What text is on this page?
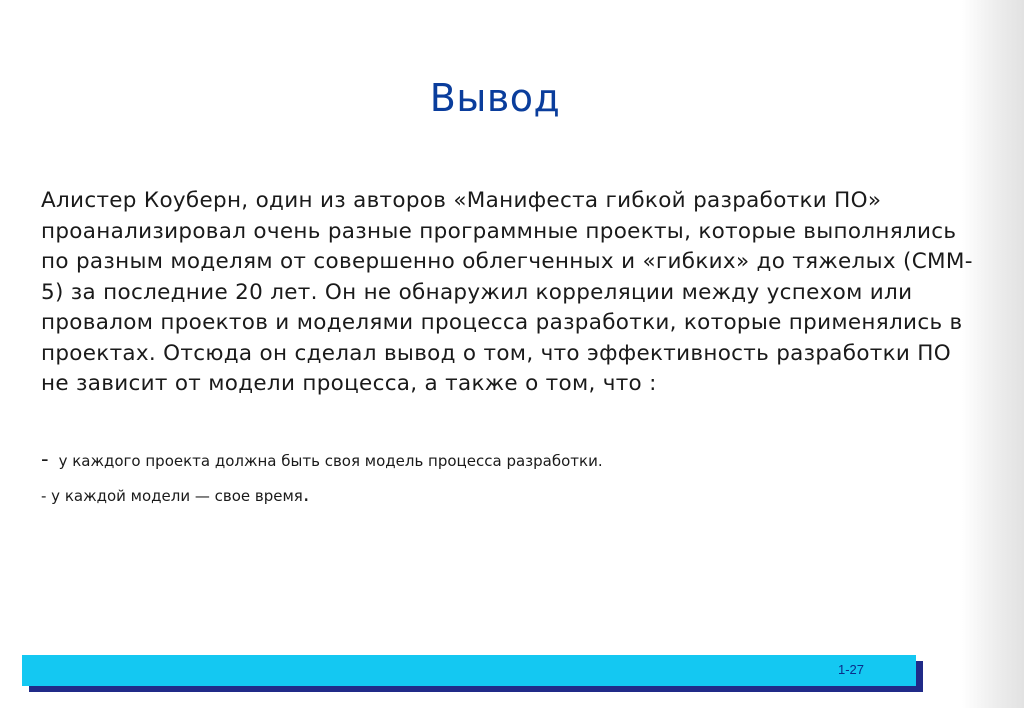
Вывод
Алистер Коуберн, один из авторов «Манифеста гибкой разработки ПО» проанализировал очень разные программные проекты, которые выполнялись по разным моделям от совершенно облегченных и «гибких» до тяжелых (CMM-5) за последние 20 лет. Он не обнаружил корреляции между успехом или провалом проектов и моделями процесса разработки, которые применялись в проектах. Отсюда он сделал вывод о том, что эффективность разработки ПО не зависит от модели процесса, а также о том, что :
- у каждого проекта должна быть своя модель процесса разработки.
- у каждой модели — свое время.
1-27
